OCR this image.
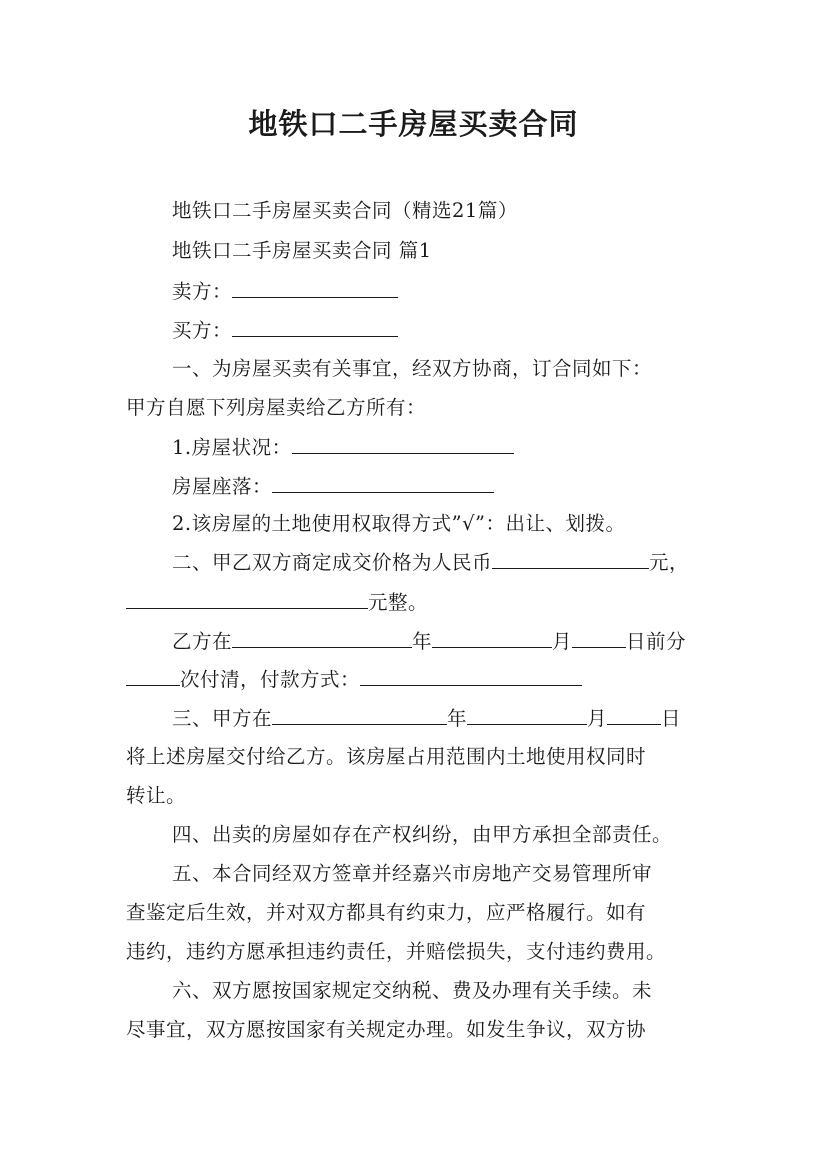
地铁口二手房屋买卖合同
地铁口二手房屋买卖合同（精选21篇）
地铁口二手房屋买卖合同 篇1
卖方：
买方：
一、为房屋买卖有关事宜，经双方协商，订合同如下：
甲方自愿下列房屋卖给乙方所有：
1.房屋状况：
房屋座落：
2.该房屋的土地使用权取得方式”√”：出让、划拨。
二、甲乙双方商定成交价格为人民币	元，
元整。
乙方在	年	月	日前分
次付清，付款方式：
三、甲方在	年	月	日
将上述房屋交付给乙方。该房屋占用范围内土地使用权同时
转让。
四、出卖的房屋如存在产权纠纷，由甲方承担全部责任。
五、本合同经双方签章并经嘉兴市房地产交易管理所审
查鉴定后生效，并对双方都具有约束力，应严格履行。如有
违约，违约方愿承担违约责任，并赔偿损失，支付违约费用。
六、双方愿按国家规定交纳税、费及办理有关手续。未
尽事宜，双方愿按国家有关规定办理。如发生争议，双方协
